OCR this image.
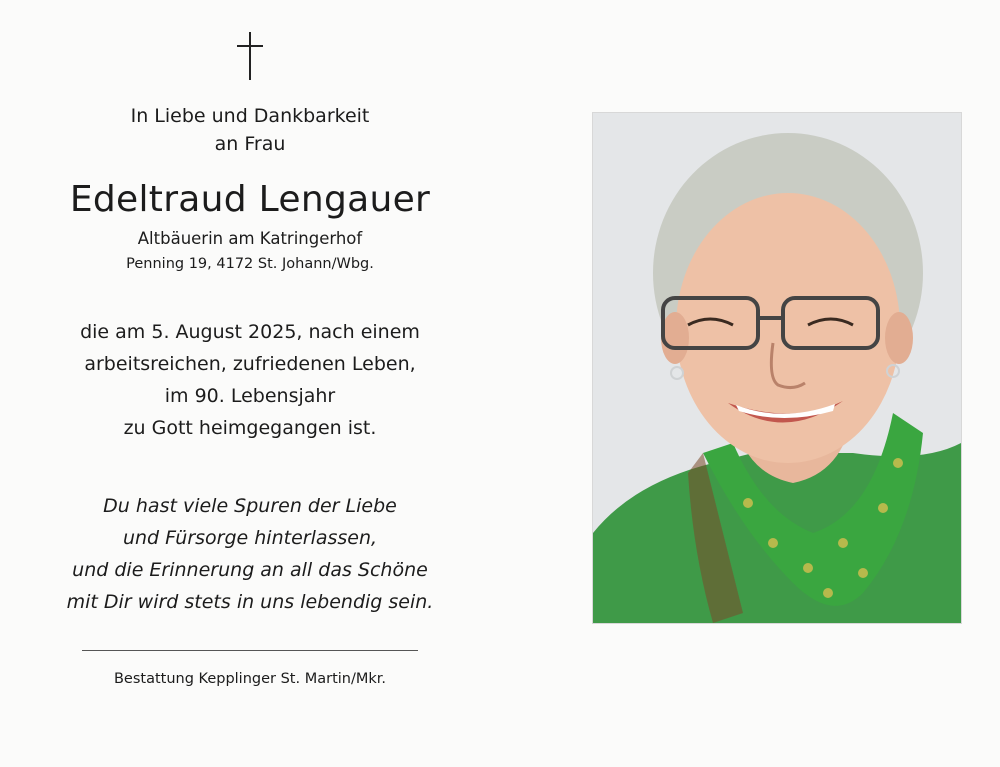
In Liebe und Dankbarkeit
an Frau
Edeltraud Lengauer
Altbäuerin am Katringerhof
Penning 19, 4172 St. Johann/Wbg.
die am 5. August 2025, nach einem
arbeitsreichen, zufriedenen Leben,
im 90. Lebensjahr
zu Gott heimgegangen ist.
Du hast viele Spuren der Liebe
und Fürsorge hinterlassen,
und die Erinnerung an all das Schöne
mit Dir wird stets in uns lebendig sein.
Bestattung Kepplinger St. Martin/Mkr.
